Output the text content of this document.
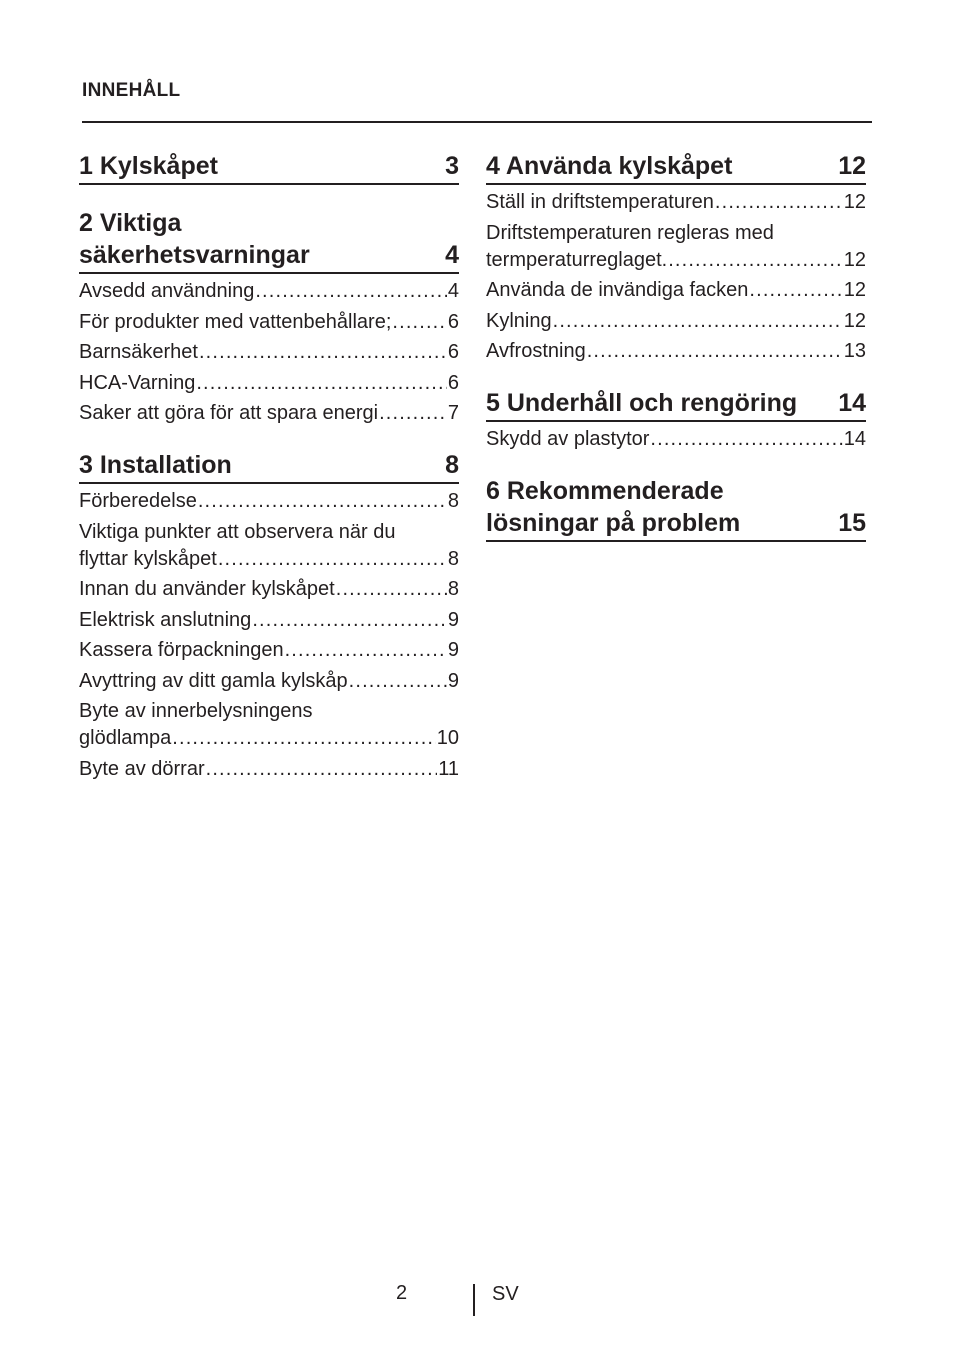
INNEHÅLL
1 Kylskåpet	3
2 Viktiga
säkerhetsvarningar	4
Avsedd användning . . .	4
För produkter med vattenbehållare; . . .	6
Barnsäkerhet . . .	6
HCA-Varning . . .	6
Saker att göra för att spara energi . . .	7
3 Installation	8
Förberedelse . . .	8
Viktiga punkter att observera när du
flyttar kylskåpet . . .	8
Innan du använder kylskåpet . . .	8
Elektrisk anslutning . . .	9
Kassera förpackningen . . .	9
Avyttring av ditt gamla kylskåp . . .	9
Byte av innerbelysningens
glödlampa . . .	10
Byte av dörrar . . .	11
4 Använda kylskåpet	12
Ställ in driftstemperaturen . . .	12
Driftstemperaturen regleras med
termperaturreglaget. . . .	12
Använda de invändiga facken . . .	12
Kylning . . .	12
Avfrostning . . .	13
5 Underhåll och rengöring 14
Skydd av plastytor . . .	14
6 Rekommenderade
lösningar på problem	15
2	SV
